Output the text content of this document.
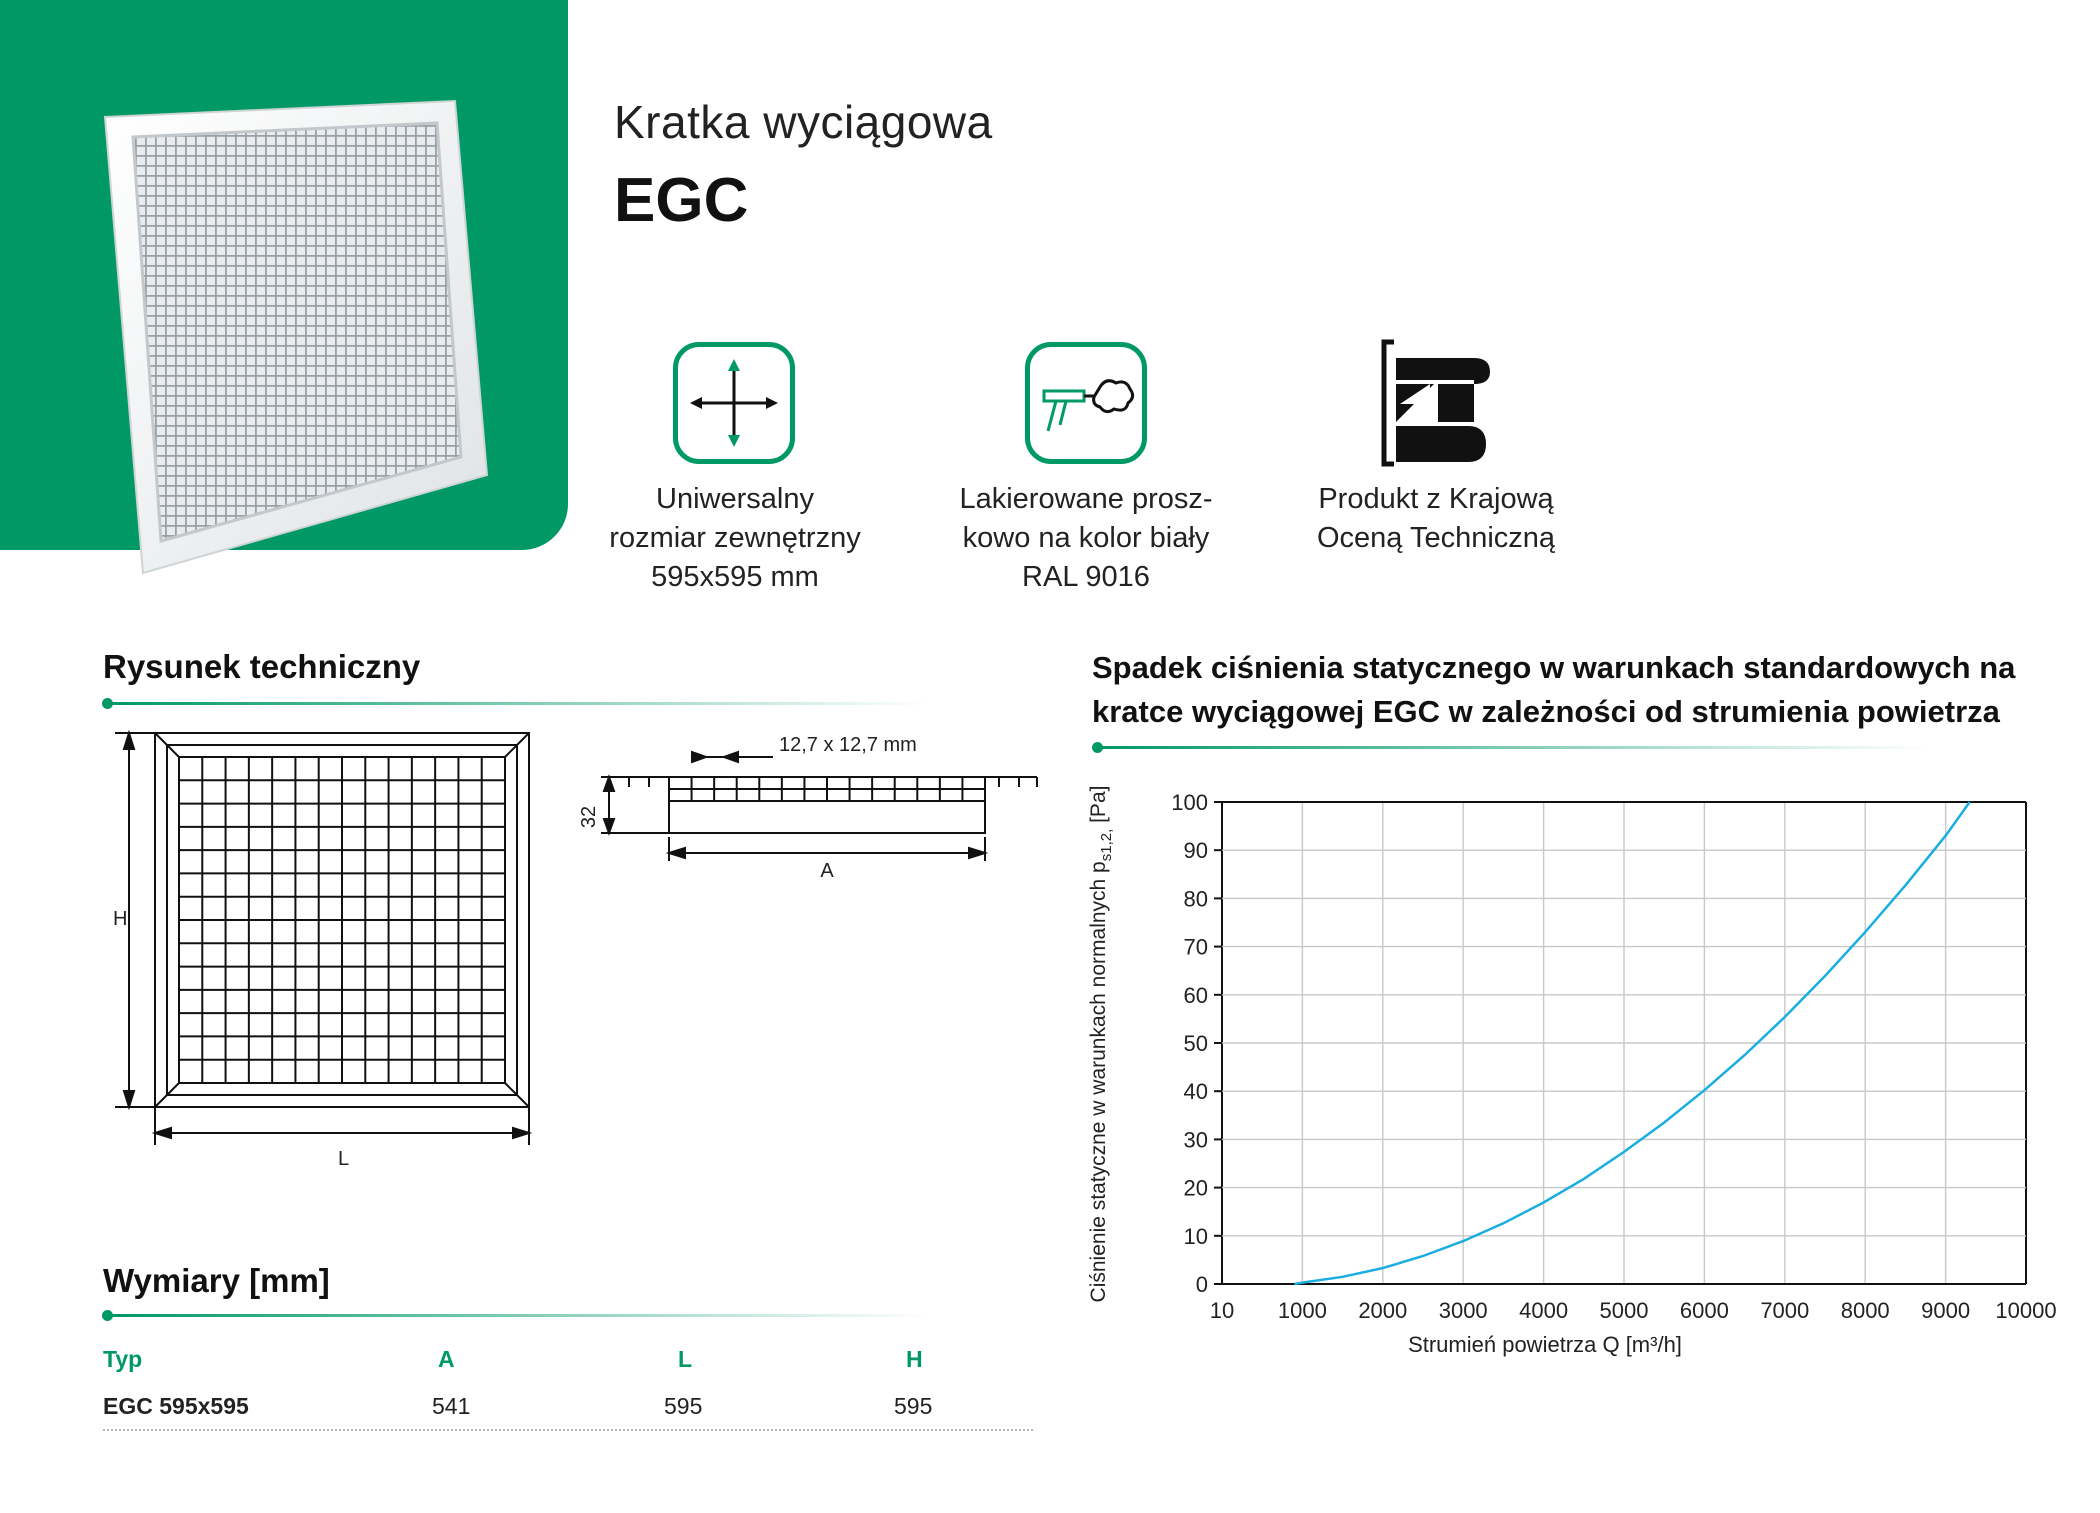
Kratka wyciągowa
EGC
Uniwersalny
rozmiar zewnętrzny
595x595 mm
Lakierowane prosz-
kowo na kolor biały
RAL 9016
Produkt z Krajową
Oceną Techniczną
Rysunek techniczny
H
L
12,7 x 12,7 mm
32
A
Wymiary [mm]
Typ	A	L	H
EGC 595x595	541	595	595
Spadek ciśnienia statycznego w warunkach standardowych na
kratce wyciągowej EGC w zależności od strumienia powietrza
10 1000 2000 3000 4000 5000 6000 7000 8000 9000 10000
0
10
20
30
40
50
60
70
80
90
100
Strumień powietrza Q [m³/h]
Ciśnienie statyczne w warunkach normalnych $p_{s1,2,}$ [Pa]
